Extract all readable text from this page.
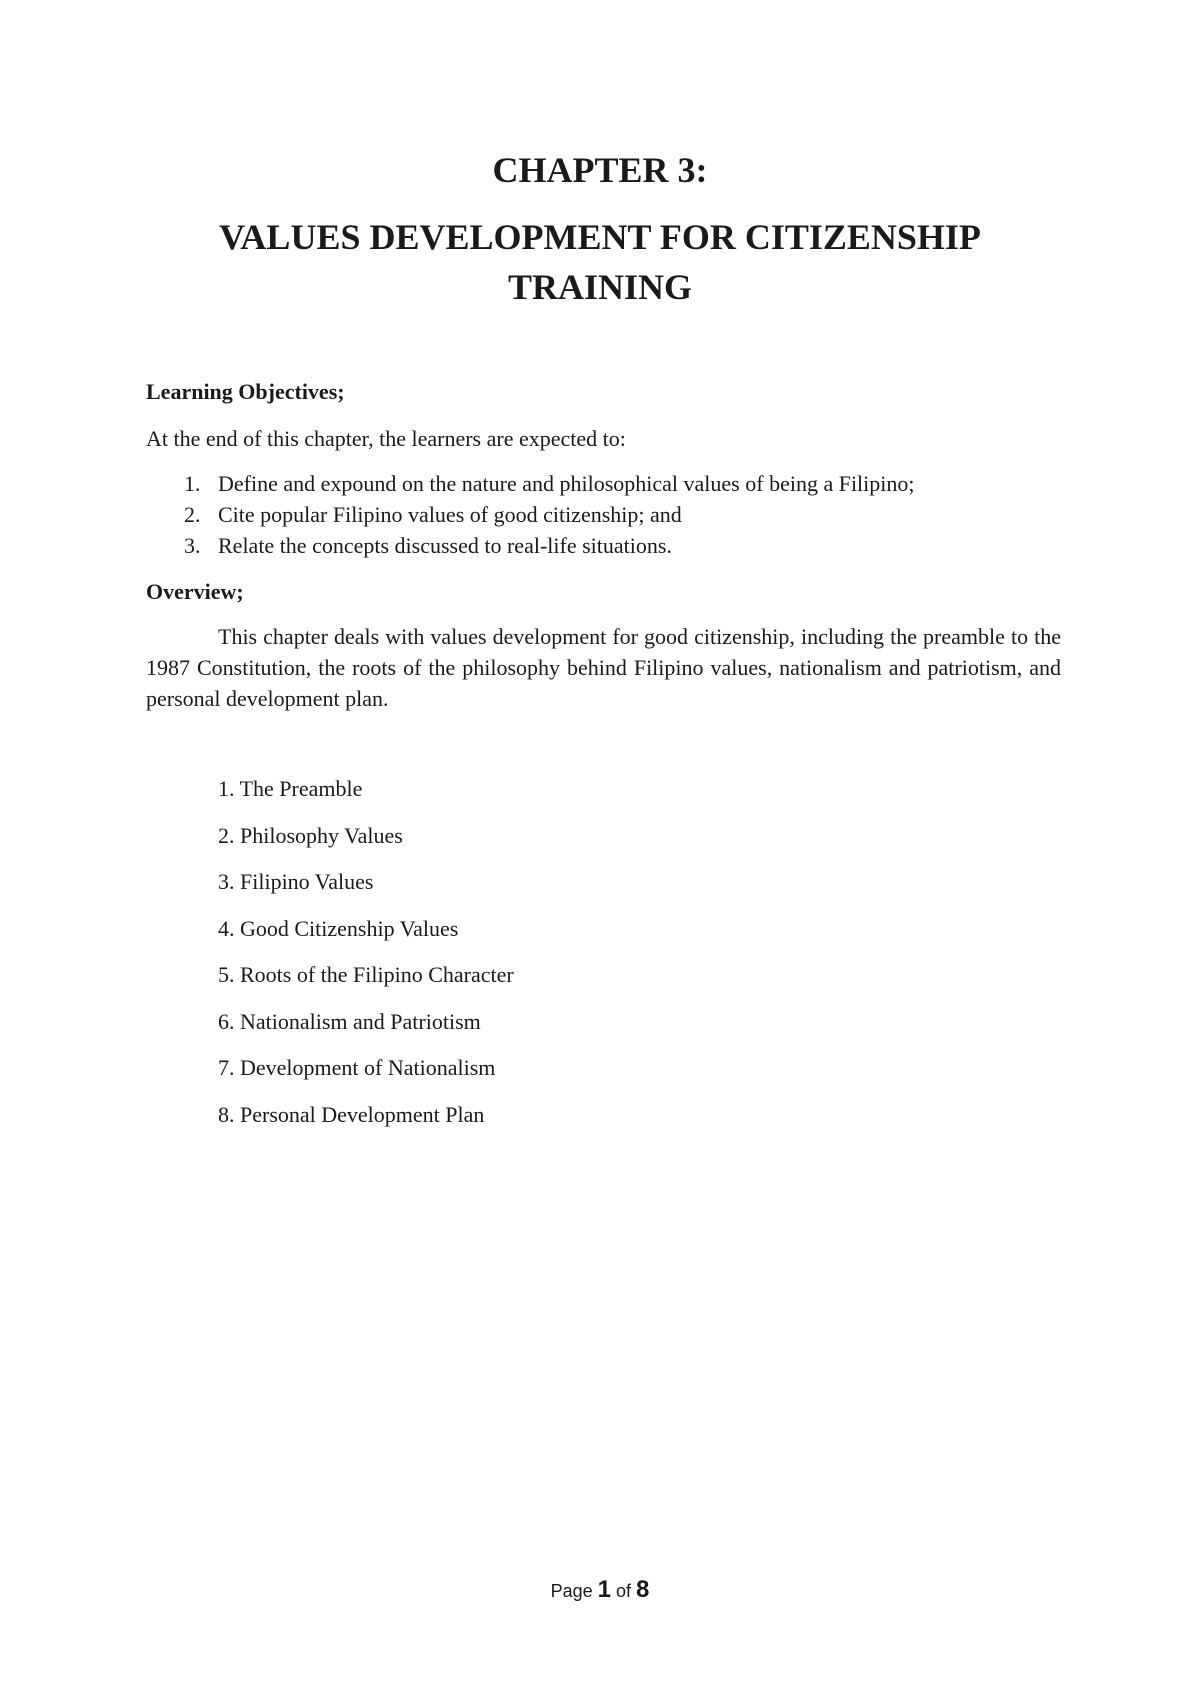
CHAPTER 3:
VALUES DEVELOPMENT FOR CITIZENSHIP TRAINING

Learning Objectives;

At the end of this chapter, the learners are expected to:

1. Define and expound on the nature and philosophical values of being a Filipino;
2. Cite popular Filipino values of good citizenship; and
3. Relate the concepts discussed to real-life situations.

Overview;

This chapter deals with values development for good citizenship, including the preamble to the 1987 Constitution, the roots of the philosophy behind Filipino values, nationalism and patriotism, and personal development plan.

1. The Preamble
2. Philosophy Values
3. Filipino Values
4. Good Citizenship Values
5. Roots of the Filipino Character
6. Nationalism and Patriotism
7. Development of Nationalism
8. Personal Development Plan
Page 1 of 8
